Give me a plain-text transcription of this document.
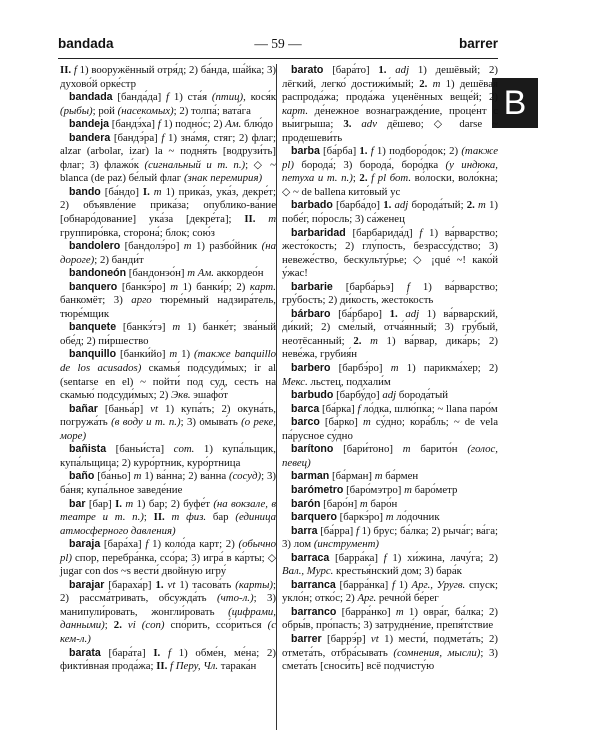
bandada	— 59 —	barrer
B

II. f 1) вооружённый отря́д; 2) ба́нда, ша́йка; 3) духово́й орке́стр

bandada [банда́да] f 1) ста́я (птиц), кося́к (рыбы); рой (насекомых); 2) толпа́; вата́га

bandeja [бандэ́ха] f 1) подно́с; 2) Ам. блю́до

bandera [бандэ́ра] f 1) зна́мя, стяг; 2) флаг; alzar (arbolar, izar) la ~ подня́ть [водрузи́ть] флаг; 3) флажо́к (сигнальный и т. п.); ◇ ~ blanca (de paz) бе́лый флаг (знак перемирия)

bando [ба́ндо] I. m 1) прика́з, ука́з, декре́т; 2) объявле́ние прика́за; опублико-ва́ние [обнаро́дование] ука́за [декре́та]; II. m группиро́вка, сторона́; блок; сою́з

bandolero [бандолэ́ро] m 1) разбо́йник (на дороге); 2) банди́т

bandoneón [бандонэо́н] m Ам. аккордео́н

banquero [банкэ́ро] m 1) банки́р; 2) карт. банкомёт; 3) арго тюре́мный надзира́тель, тюре́мщик

banquete [банкэ́тэ] m 1) банке́т; зва́ный обе́д; 2) пи́ршество

banquillo [банки́йо] m 1) (также banquillo de los acusados) скамья́ подсуди́мых; ir al (sentarse en el) ~ пойти́ под суд, сесть на скамью́ подсуди́мых; 2) Экв. эшафо́т

bañar [баньа́р] vt 1) купа́ть; 2) окуна́ть, погружа́ть (в воду и т. п.); 3) омыва́ть (о реке, море)

bañista [баньи́ста] com. 1) купа́льщик, купа́льщица; 2) куро́ртник, куро́ртница

baño [ба́ньо] m 1) ва́нна; 2) ва́нна (сосуд); 3) ба́ня; купа́льное заведе́ние

bar [бар] I. m 1) бар; 2) буфе́т (на вокзале, в театре и т. п.); II. m физ. бар (единица атмосферного давления)

baraja [бара́ха] f 1) коло́да карт; 2) (обычно pl) спор, перебра́нка, ссо́ра; 3) игра́ в ка́рты; ◇ jugar con dos ~s вести́ двойну́ю игру́

barajar [барaха́р] 1. vt 1) тасова́ть (карты); 2) рассма́тривать, обсужда́ть (что-л.); 3) манипули́ровать, жонгли́ровать (цифрами, данными); 2. vi (con) спо́рить, ссо́риться (с кем-л.)

barata [бара́та] I. f 1) обме́н, ме́на; 2) фикти́вная прода́жа; II. f Перу, Чл. тарака́н

barato [бара́то] 1. adj 1) дешёвый; 2) лёгкий, легко́ достижи́мый; 2. m 1) дешёвая распрода́жа; прода́жа уценённых веще́й; 2) карт. де́нежное вознагражде́ние, проце́нт с вы́игрыша; 3. adv дёшево; ◇ darse ~ продешеви́ть

barba [ба́рба] 1. f 1) подборо́док; 2) (также pl) борода́; 3) борода́, боро́дка (у индюка, петуха и т. п.); 2. f pl бот. во́лоски, воло́кна; ◇ ~ de ballena кито́вый ус

barbado [барба́до] 1. adj борода́тый; 2. m 1) побе́г, по́росль; 3) са́женец

barbaridad [барбарида́д] f 1) ва́рварство; жесто́кость; 2) глу́пость, безрассу́дство; 3) невеже́ство, бескульту́рье; ◇ ¡qué ~! како́й у́жас!

barbarie [барба́рьэ] f 1) ва́рварство; гру́бость; 2) ди́кость, жесто́кость

bárbaro [ба́рбаро] 1. adj 1) ва́рварский, ди́кий; 2) сме́лый, отча́янный; 3) гру́бый, неотёсанный; 2. m 1) ва́рвар, дика́рь; 2) неве́жа, грубия́н

barbero [барбэ́ро] m 1) парикма́хер; 2) Мекс. льстец, подхали́м

barbudo [барбу́до] adj борода́тый

barca [ба́рка] f ло́дка, шлю́пка; ~ llana паро́м

barco [ба́рко] m су́дно; кора́бль; ~ de vela па́русное су́дно

barítono [бари́тоно] m барито́н (голос, певец)

barman [ба́рман] m ба́рмен

barómetro [баро́мэтро] m баро́метр

barón [баро́н] m баро́н

barquero [баркэ́ро] m ло́дочник

barra [ба́рра] f 1) брус; ба́лка; 2) рыча́г; ва́га; 3) лом (инструмент)

barraca [барра́ка] f 1) хи́жина, лачу́га; 2) Вал., Мурс. крестья́нский дом; 3) бара́к

barranca [барра́нка] f 1) Арг., Уругв. спуск; укло́н; отко́с; 2) Арг. речно́й бе́рег

barranco [барра́нко] m 1) овра́г, ба́лка; 2) обры́в, про́пасть; 3) затрудне́ние, препя́тствие

barrer [баррэ́р] vt 1) мести́, подмета́ть; 2) отмета́ть, отбра́сывать (сомнения, мысли); 3) смета́ть [сноси́ть] всё подчисту́ю
